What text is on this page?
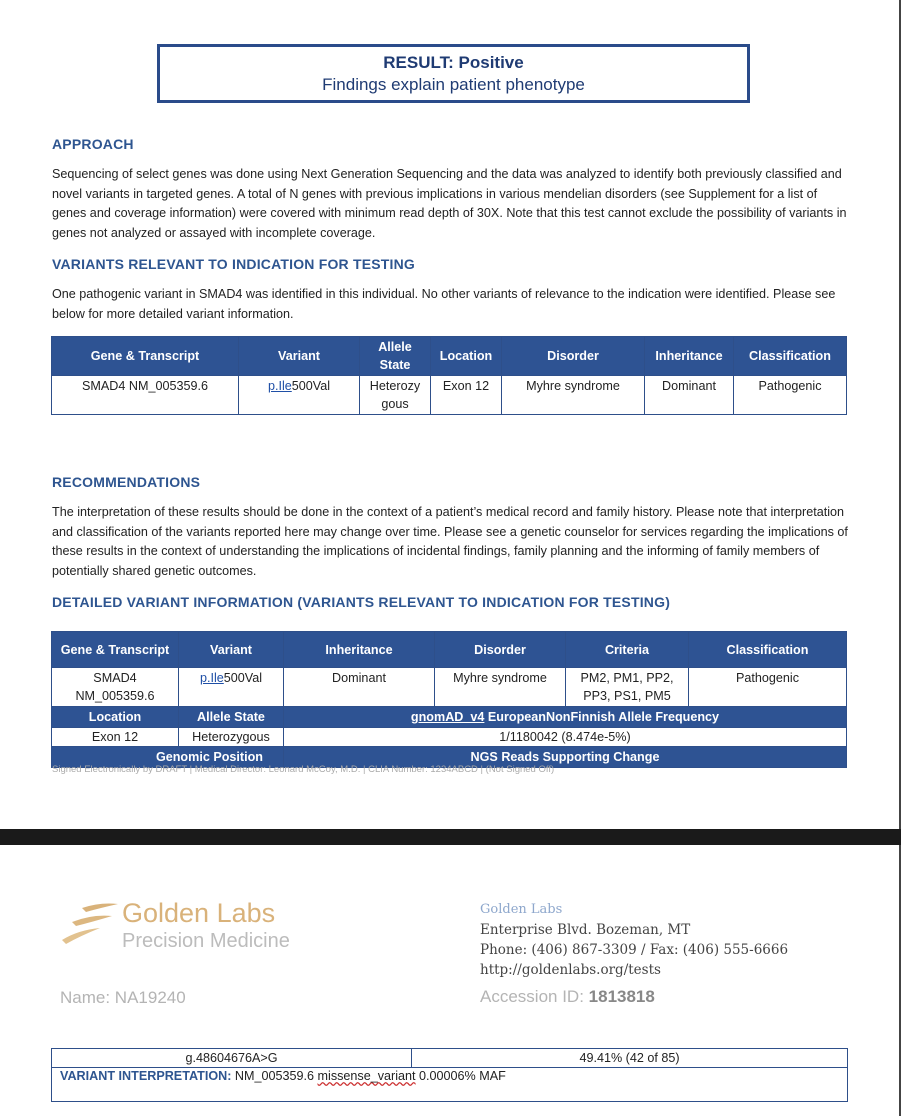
RESULT: Positive
Findings explain patient phenotype
APPROACH
Sequencing of select genes was done using Next Generation Sequencing and the data was analyzed to identify both previously classified and novel variants in targeted genes. A total of N genes with previous implications in various mendelian disorders (see Supplement for a list of genes and coverage information) were covered with minimum read depth of 30X. Note that this test cannot exclude the possibility of variants in genes not analyzed or assayed with incomplete coverage.
VARIANTS RELEVANT TO INDICATION FOR TESTING
One pathogenic variant in SMAD4 was identified in this individual. No other variants of relevance to the indication were identified. Please see below for more detailed variant information.
Gene & Transcript	Variant	Allele State	Location	Disorder	Inheritance	Classification
SMAD4 NM_005359.6	p.Ile500Val	Heterozy gous	Exon 12	Myhre syndrome	Dominant	Pathogenic
RECOMMENDATIONS
The interpretation of these results should be done in the context of a patient’s medical record and family history. Please note that interpretation and classification of the variants reported here may change over time. Please see a genetic counselor for services regarding the implications of these results in the context of understanding the implications of incidental findings, family planning and the informing of family members of potentially shared genetic outcomes.
DETAILED VARIANT INFORMATION (VARIANTS RELEVANT TO INDICATION FOR TESTING)
Gene & Transcript	Variant	Inheritance	Disorder	Criteria	Classification
SMAD4 NM_005359.6	p.Ile500Val	Dominant	Myhre syndrome	PM2, PM1, PP2, PP3, PS1, PM5	Pathogenic
Location	Allele State	gnomAD_v4 EuropeanNonFinnish Allele Frequency			
Exon 12	Heterozygous	1/1180042 (8.474e-5%)			
Genomic Position		NGS Reads Supporting Change			
Signed Electronically by DRAFT | Medical Director: Leonard McCoy, M.D. | CLIA Number: 1234ABCD | (Not Signed Off)
Golden Labs
Precision Medicine
Name: NA19240
Golden Labs
Enterprise Blvd. Bozeman, MT
Phone: (406) 867-3309 / Fax: (406) 555-6666
http://goldenlabs.org/tests
Accession ID: 1813818
g.48604676A>G	49.41% (42 of 85)
VARIANT INTERPRETATION: NM_005359.6 missense_variant 0.00006% MAF
